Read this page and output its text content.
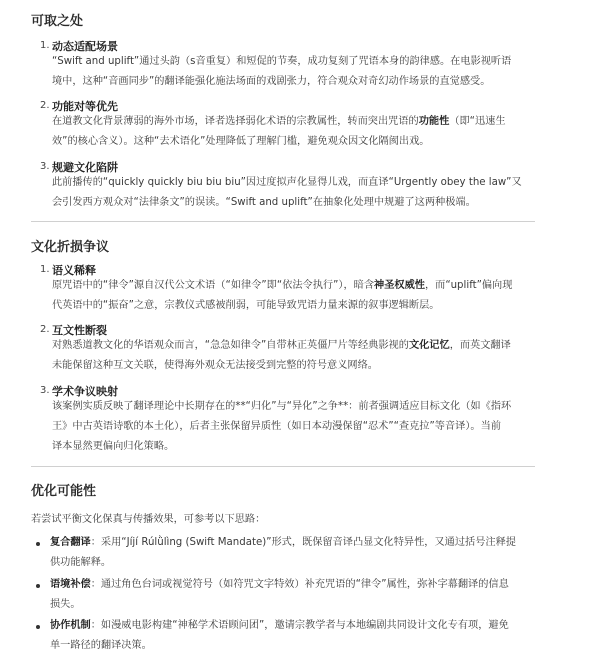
可取之处
1. 动态适配场景
“Swift and uplift”通过头韵（s音重复）和短促的节奏，成功复刻了咒语本身的韵律感。在电影视听语
境中，这种“音画同步”的翻译能强化施法场面的戏剧张力，符合观众对奇幻动作场景的直觉感受。
2. 功能对等优先
在道教文化背景薄弱的海外市场，译者选择弱化术语的宗教属性，转而突出咒语的功能性（即“迅速生
效”的核心含义）。这种“去术语化”处理降低了理解门槛，避免观众因文化隔阂出戏。
3. 规避文化陷阱
此前播传的“quickly quickly biu biu biu”因过度拟声化显得儿戏，而直译“Urgently obey the law”又
会引发西方观众对“法律条文”的误读。“Swift and uplift”在抽象化处理中规避了这两种极端。
文化折损争议
1. 语义稀释
原咒语中的“律令”源自汉代公文术语（“如律令”即“依法令执行”），暗含神圣权威性，而“uplift”偏向现
代英语中的“振奋”之意，宗教仪式感被削弱，可能导致咒语力量来源的叙事逻辑断层。
2. 互文性断裂
对熟悉道教文化的华语观众而言，“急急如律令”自带林正英僵尸片等经典影视的文化记忆，而英文翻译
未能保留这种互文关联，使得海外观众无法接受到完整的符号意义网络。
3. 学术争议映射
该案例实质反映了翻译理论中长期存在的**“归化”与“异化”之争**：前者强调适应目标文化（如《指环
王》中古英语诗歌的本土化），后者主张保留异质性（如日本动漫保留“忍术”“查克拉”等音译）。当前
译本显然更偏向归化策略。
优化可能性
若尝试平衡文化保真与传播效果，可参考以下思路：
复合翻译：采用“Jíjí Rúlǜlìng (Swift Mandate)”形式，既保留音译凸显文化特异性，又通过括号注释提
供功能解释。
语境补偿：通过角色台词或视觉符号（如符咒文字特效）补充咒语的“律令”属性，弥补字幕翻译的信息
损失。
协作机制：如漫威电影构建“神秘学术语顾问团”，邀请宗教学者与本地编剧共同设计文化专有项，避免
单一路径的翻译决策。
